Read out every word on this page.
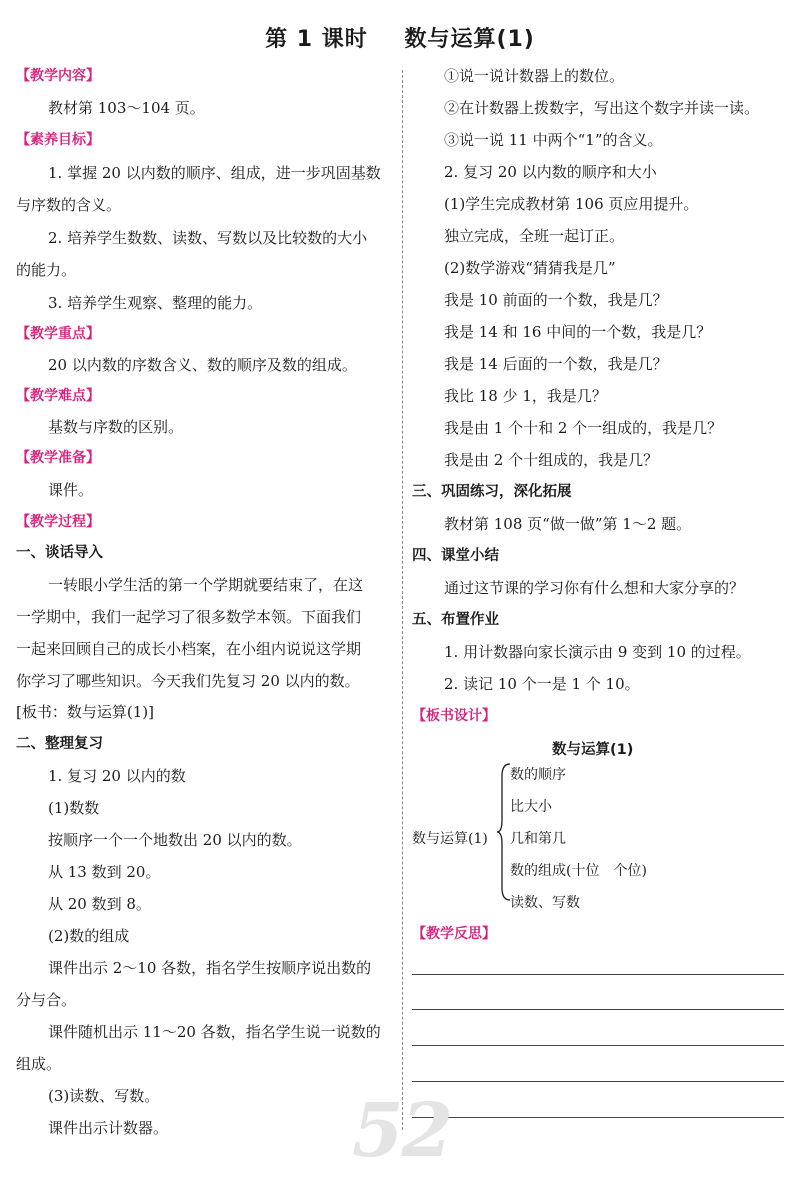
第 1 课时 数与运算(1)
【教学内容】
教材第 103～104 页。
【素养目标】
1. 掌握 20 以内数的顺序、组成，进一步巩固基数
与序数的含义。
2. 培养学生数数、读数、写数以及比较数的大小
的能力。
3. 培养学生观察、整理的能力。
【教学重点】
20 以内数的序数含义、数的顺序及数的组成。
【教学难点】
基数与序数的区别。
【教学准备】
课件。
【教学过程】
一、谈话导入
一转眼小学生活的第一个学期就要结束了，在这
一学期中，我们一起学习了很多数学本领。下面我们
一起来回顾自己的成长小档案，在小组内说说这学期
你学习了哪些知识。今天我们先复习 20 以内的数。
[板书：数与运算(1)]
二、整理复习
1. 复习 20 以内的数
(1)数数
按顺序一个一个地数出 20 以内的数。
从 13 数到 20。
从 20 数到 8。
(2)数的组成
课件出示 2～10 各数，指名学生按顺序说出数的
分与合。
课件随机出示 11～20 各数，指名学生说一说数的
组成。
(3)读数、写数。
课件出示计数器。
①说一说计数器上的数位。
②在计数器上拨数字，写出这个数字并读一读。
③说一说 11 中两个“1”的含义。
2. 复习 20 以内数的顺序和大小
(1)学生完成教材第 106 页应用提升。
独立完成，全班一起订正。
(2)数学游戏“猜猜我是几”
我是 10 前面的一个数，我是几？
我是 14 和 16 中间的一个数，我是几？
我是 14 后面的一个数，我是几？
我比 18 少 1，我是几？
我是由 1 个十和 2 个一组成的，我是几？
我是由 2 个十组成的，我是几？
三、巩固练习，深化拓展
教材第 108 页“做一做”第 1～2 题。
四、课堂小结
通过这节课的学习你有什么想和大家分享的？
五、布置作业
1. 用计数器向家长演示由 9 变到 10 的过程。
2. 读记 10 个一是 1 个 10。
【板书设计】
数与运算(1)
数与运算(1)
数的顺序
比大小
几和第几
数的组成(十位　个位)
读数、写数
【教学反思】
52
